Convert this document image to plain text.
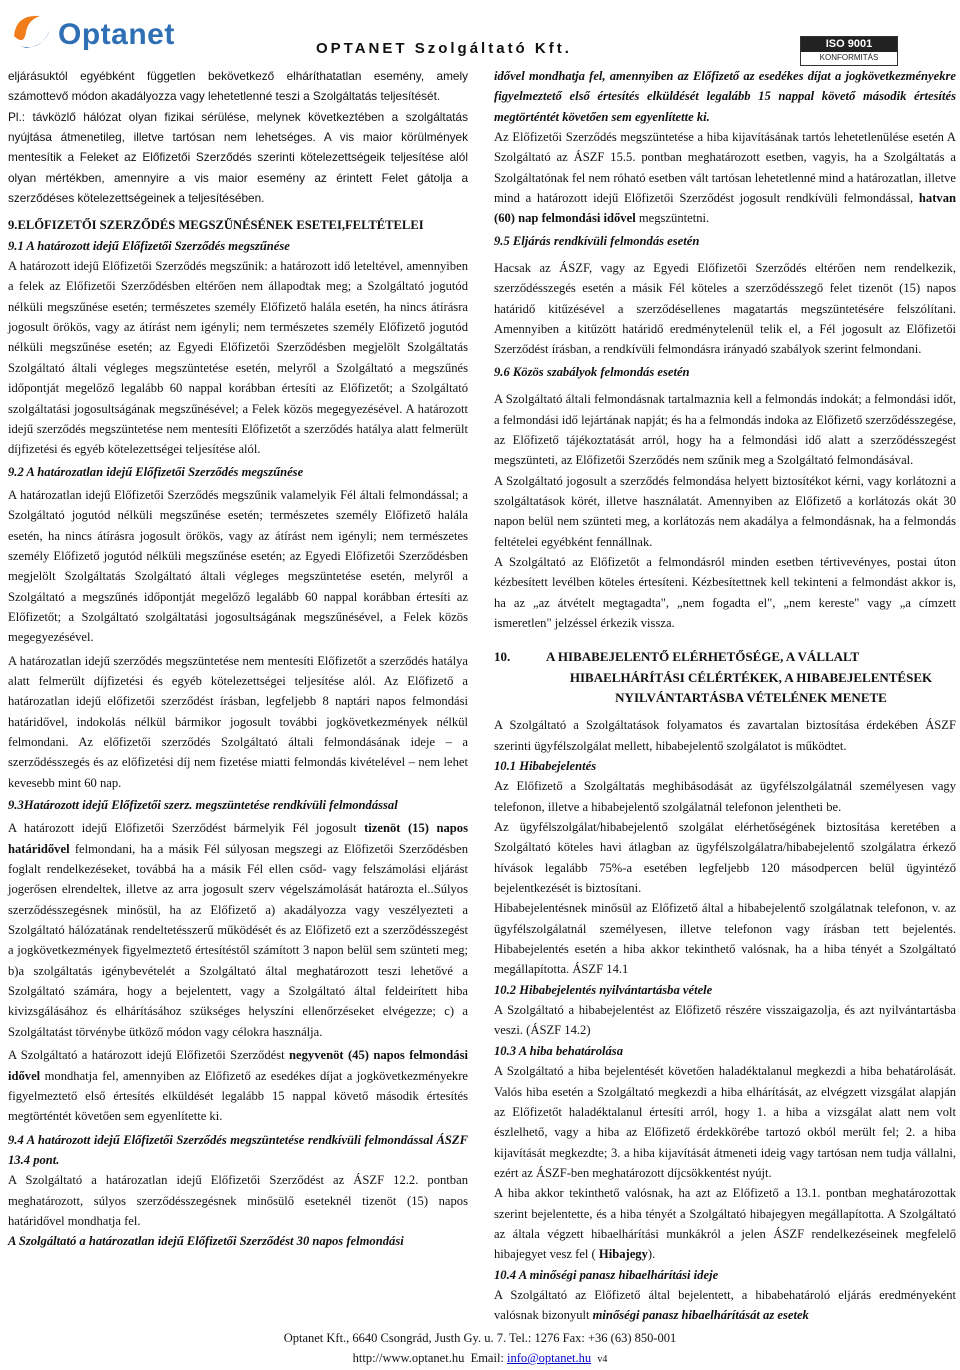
Optanet	OPTANET Szolgáltató Kft.	ISO 9001
KONFORMITÁS

eljárásuktól egyébként független bekövetkező elháríthatatlan esemény, amely számottevő módon akadályozza vagy lehetetlenné teszi a Szolgáltatás teljesítését.

Pl.: távközlő hálózat olyan fizikai sérülése, melynek következtében a szolgáltatás nyújtása átmenetileg, illetve tartósan nem lehetséges. A vis maior körülmények mentesítik a Feleket az Előfizetői Szerződés szerinti kötelezettségeik teljesítése alól olyan mértékben, amennyire a vis maior esemény az érintett Felet gátolja a szerződéses kötelezettségeinek a teljesítésében.

9.ELŐFIZETŐI SZERZŐDÉS MEGSZŰNÉSÉNEK ESETEI,FELTÉTELEI

9.1 A határozott idejű Előfizetői Szerződés megszűnése

A határozott idejű Előfizetői Szerződés megszűnik: a határozott idő leteltével, amennyiben a felek az Előfizetői Szerződésben eltérően nem állapodtak meg; a Szolgáltató jogutód nélküli megszűnése esetén; természetes személy Előfizető halála esetén, ha nincs átírásra jogosult örökös, vagy az átírást nem igényli; nem természetes személy Előfizető jogutód nélküli megszűnése esetén; az Egyedi Előfizetői Szerződésben megjelölt Szolgáltatás Szolgáltató általi végleges megszüntetése esetén, melyről a Szolgáltató a megszűnés időpontját megelőző legalább 60 nappal korábban értesíti az Előfizetőt; a Szolgáltató szolgáltatási jogosultságának megszűnésével; a Felek közös megegyezésével. A határozott idejű szerződés megszüntetése nem mentesíti Előfizetőt a szerződés hatálya alatt felmerült díjfizetési és egyéb kötelezettségei teljesítése alól.

9.2 A határozatlan idejű Előfizetői Szerződés megszűnése

A határozatlan idejű Előfizetői Szerződés megszűnik valamelyik Fél általi felmondással; a Szolgáltató jogutód nélküli megszűnése esetén; természetes személy Előfizető halála esetén, ha nincs átírásra jogosult örökös, vagy az átírást nem igényli; nem természetes személy Előfizető jogutód nélküli megszűnése esetén; az Egyedi Előfizetői Szerződésben megjelölt Szolgáltatás Szolgáltató általi végleges megszüntetése esetén, melyről a Szolgáltató a megszűnés időpontját megelőző legalább 60 nappal korábban értesíti az Előfizetőt; a Szolgáltató szolgáltatási jogosultságának megszűnésével, a Felek közös megegyezésével.

A határozatlan idejű szerződés megszüntetése nem mentesíti Előfizetőt a szerződés hatálya alatt felmerült díjfizetési és egyéb kötelezettségei teljesítése alól. Az Előfizető a határozatlan idejű előfizetői szerződést írásban, legfeljebb 8 naptári napos felmondási határidővel, indokolás nélkül bármikor jogosult további jogkövetkezmények nélkül felmondani. Az előfizetői szerződés Szolgáltató általi felmondásának ideje – a szerződésszegés és az előfizetési díj nem fizetése miatti felmondás kivételével – nem lehet kevesebb mint 60 nap.

9.3Határozott idejű Előfizetői szerz. megszüntetése rendkívüli felmondással

A határozott idejű Előfizetői Szerződést bármelyik Fél jogosult tizenöt (15) napos határidővel felmondani, ha a másik Fél súlyosan megszegi az Előfizetői Szerződésben foglalt rendelkezéseket, továbbá ha a másik Fél ellen csőd- vagy felszámolási eljárást jogerősen elrendeltek, illetve az arra jogosult szerv végelszámolását határozta el..Súlyos szerződésszegésnek minősül, ha az Előfizető a) akadályozza vagy veszélyezteti a Szolgáltató hálózatának rendeltetésszerű működését és az Előfizető ezt a szerződésszegést a jogkövetkezmények figyelmeztető értesítéstől számított 3 napon belül sem szünteti meg; b)a szolgáltatás igénybevételét a Szolgáltató által meghatározott teszi lehetővé a Szolgáltató számára, hogy a bejelentett, vagy a Szolgáltató által feldeirített hiba kivizsgálásához és elhárításához szükséges helyszíni ellenőrzéseket elvégezze; c) a Szolgáltatást törvénybe ütköző módon vagy célokra használja.

A Szolgáltató a határozott idejű Előfizetői Szerződést negyvenöt (45) napos felmondási idővel mondhatja fel, amennyiben az Előfizető az esedékes díjat a jogkövetkezményekre figyelmeztető első értesítés elküldését legalább 15 nappal követő második értesítés megtörténtét követően sem egyenlítette ki.

9.4 A határozott idejű Előfizetői Szerződés megszüntetése rendkívüli felmondással ÁSZF 13.4 pont.

A Szolgáltató a határozatlan idejű Előfizetői Szerződést az ÁSZF 12.2. pontban meghatározott, súlyos szerződésszegésnek minősülő eseteknél tizenöt (15) napos határidővel mondhatja fel.

A Szolgáltató a határozatlan idejű Előfizetői Szerződést 30 napos felmondási

idővel mondhatja fel, amennyiben az Előfizető az esedékes díjat a jogkövetkezményekre figyelmeztető első értesítés elküldését legalább 15 nappal követő második értesítés megtörténtét követően sem egyenlítette ki.

Az Előfizetői Szerződés megszüntetése a hiba kijavításának tartós lehetetlenülése esetén A Szolgáltató az ÁSZF 15.5. pontban meghatározott esetben, vagyis, ha a Szolgáltatás a Szolgáltatónak fel nem róható esetben vált tartósan lehetetlenné mind a határozatlan, illetve mind a határozott idejű Előfizetői Szerződést jogosult rendkívüli felmondással, hatvan (60) nap felmondási idővel megszüntetni.

9.5 Eljárás rendkívüli felmondás esetén

Hacsak az ÁSZF, vagy az Egyedi Előfizetői Szerződés eltérően nem rendelkezik, szerződésszegés esetén a másik Fél köteles a szerződésszegő felet tizenöt (15) napos határidő kitűzésével a szerződésellenes magatartás megszüntetésére felszólítani. Amennyiben a kitűzött határidő eredménytelenül telik el, a Fél jogosult az Előfizetői Szerződést írásban, a rendkívüli felmondásra irányadó szabályok szerint felmondani.

9.6 Közös szabályok felmondás esetén

A Szolgáltató általi felmondásnak tartalmaznia kell a felmondás indokát; a felmondási időt, a felmondási idő lejártának napját; és ha a felmondás indoka az Előfizető szerződésszegése, az Előfizető tájékoztatását arról, hogy ha a felmondási idő alatt a szerződésszegést megszünteti, az Előfizetői Szerződés nem szűnik meg a Szolgáltató felmondásával.

A Szolgáltató jogosult a szerződés felmondása helyett biztosítékot kérni, vagy korlátozni a szolgáltatások körét, illetve használatát. Amennyiben az Előfizető a korlátozás okát 30 napon belül nem szünteti meg, a korlátozás nem akadálya a felmondásnak, ha a felmondás feltételei egyébként fennállnak.

A Szolgáltató az Előfizetőt a felmondásról minden esetben tértivevényes, postai úton kézbesített levélben köteles értesíteni. Kézbesítettnek kell tekinteni a felmondást akkor is, ha az „az átvételt megtagadta", „nem fogadta el", „nem kereste" vagy „a címzett ismeretlen" jelzéssel érkezik vissza.

10.	A HIBABEJELENTŐ ELÉRHETŐSÉGE, A VÁLLALT
HIBAELHÁRÍTÁSI CÉLÉRTÉKEK, A HIBABEJELENTÉSEK
NYILVÁNTARTÁSBA VÉTELÉNEK MENETE

A Szolgáltató a Szolgáltatások folyamatos és zavartalan biztosítása érdekében ÁSZF szerinti ügyfélszolgálat mellett, hibabejelentő szolgálatot is működtet.

10.1 Hibabejelentés

Az Előfizető a Szolgáltatás meghibásodását az ügyfélszolgálatnál személyesen vagy telefonon, illetve a hibabejelentő szolgálatnál telefonon jelentheti be.

Az ügyfélszolgálat/hibabejelentő szolgálat elérhetőségének biztosítása keretében a Szolgáltató köteles havi átlagban az ügyfélszolgálatra/hibabejelentő szolgálatra érkező hívások legalább 75%-a esetében legfeljebb 120 másodpercen belül ügyintéző bejelentkezését is biztosítani.

Hibabejelentésnek minősül az Előfizető által a hibabejelentő szolgálatnak telefonon, v. az ügyfélszolgálatnál személyesen, illetve telefonon vagy írásban tett bejelentés. Hibabejelentés esetén a hiba akkor tekinthető valósnak, ha a hiba tényét a Szolgáltató megállapította. ÁSZF 14.1

10.2 Hibabejelentés nyilvántartásba vétele

A Szolgáltató a hibabejelentést az Előfizető részére visszaigazolja, és azt nyilvántartásba veszi. (ÁSZF 14.2)

10.3 A hiba behatárolása

A Szolgáltató a hiba bejelentését követően haladéktalanul megkezdi a hiba behatárolását. Valós hiba esetén a Szolgáltató megkezdi a hiba elhárítását, az elvégzett vizsgálat alapján az Előfizetőt haladéktalanul értesíti arról, hogy 1. a hiba a vizsgálat alatt nem volt észlelhető, vagy a hiba az Előfizető érdekkörébe tartozó okból merült fel; 2. a hiba kijavítását megkezdte; 3. a hiba kijavítását átmeneti ideig vagy tartósan nem tudja vállalni, ezért az ÁSZF-ben meghatározott díjcsökkentést nyújt.

A hiba akkor tekinthető valósnak, ha azt az Előfizető a 13.1. pontban meghatározottak szerint bejelentette, és a hiba tényét a Szolgáltató hibajegyen megállapította. A Szolgáltató az általa végzett hibaelhárítási munkákról a jelen ÁSZF rendelkezéseinek megfelelő hibajegyet vesz fel ( Hibajegy).

10.4 A minőségi panasz hibaelhárítási ideje

A Szolgáltató az Előfizető által bejelentett, a hibabehatároló eljárás eredményeként valósnak bizonyult minőségi panasz hibaelhárítását az esetek

Optanet Kft., 6640 Csongrád, Justh Gy. u. 7. Tel.: 1276 Fax: +36 (63) 850-001
http://www.optanet.hu Email: info@optanet.hu v4
